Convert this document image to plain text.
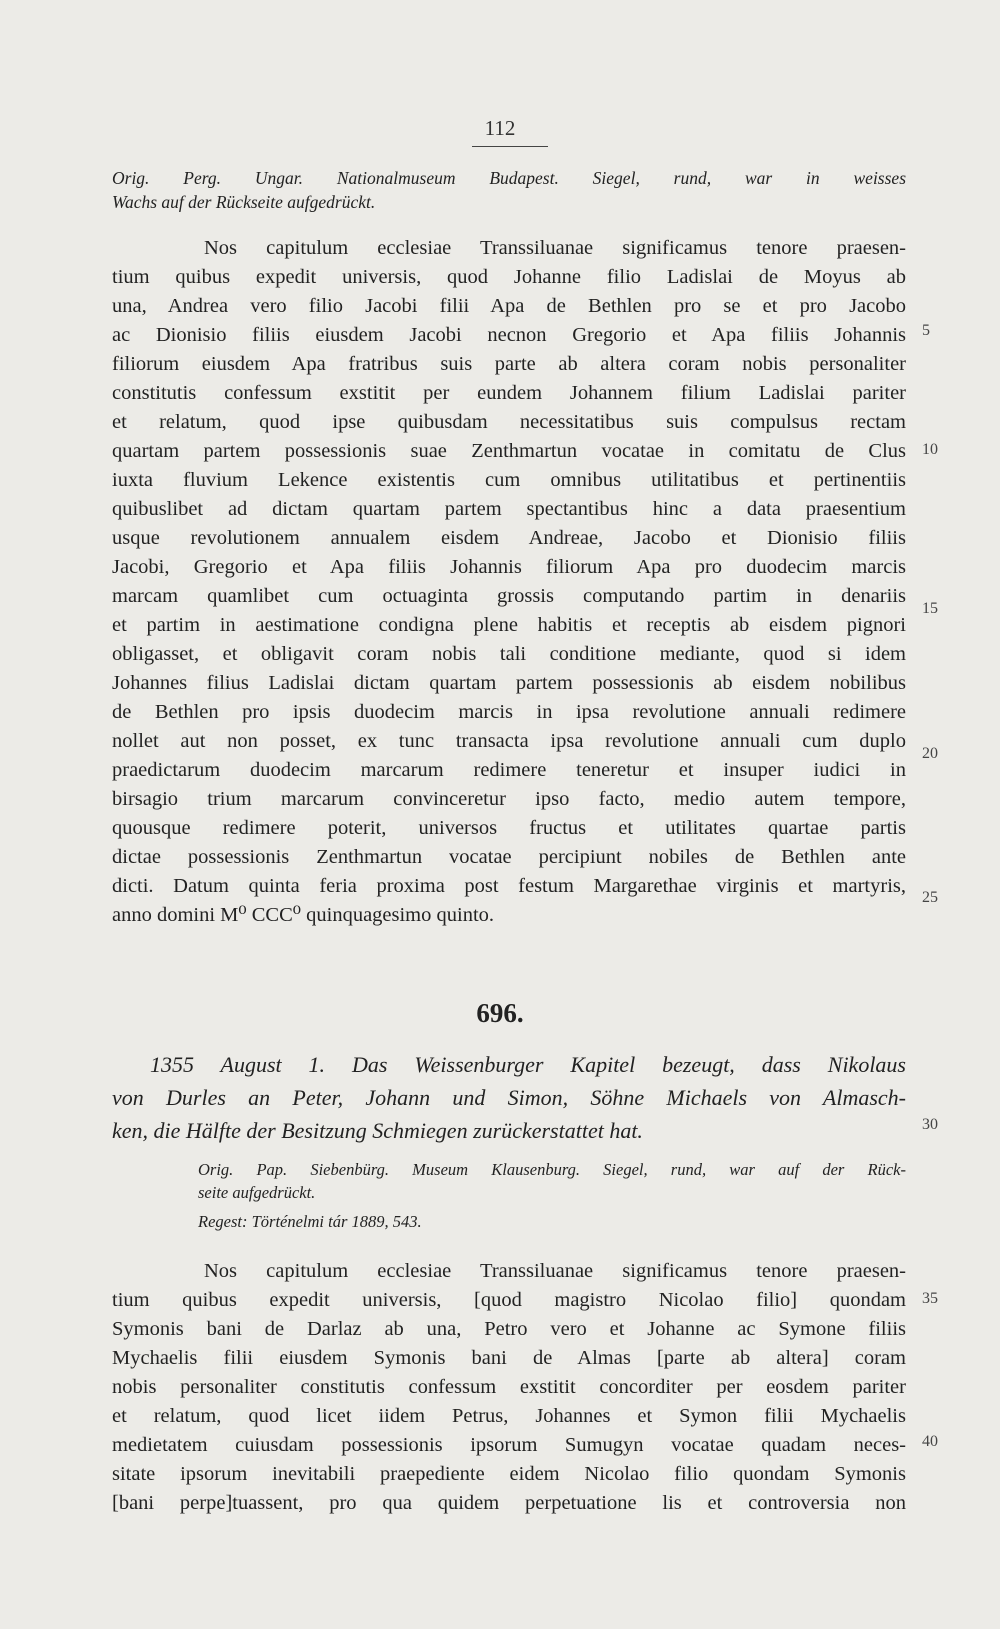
112
Orig. Perg. Ungar. Nationalmuseum Budapest. Siegel, rund, war in weisses
Wachs auf der Rückseite aufgedrückt.
Nos capitulum ecclesiae Transsiluanae significamus tenore praesen-
tium quibus expedit universis, quod Johanne filio Ladislai de Moyus ab
una, Andrea vero filio Jacobi filii Apa de Bethlen pro se et pro Jacobo
ac Dionisio filiis eiusdem Jacobi necnon Gregorio et Apa filiis Johannis
filiorum eiusdem Apa fratribus suis parte ab altera coram nobis personaliter
constitutis confessum exstitit per eundem Johannem filium Ladislai pariter
et relatum, quod ipse quibusdam necessitatibus suis compulsus rectam
quartam partem possessionis suae Zenthmartun vocatae in comitatu de Clus
iuxta fluvium Lekence existentis cum omnibus utilitatibus et pertinentiis
quibuslibet ad dictam quartam partem spectantibus hinc a data praesentium
usque revolutionem annualem eisdem Andreae, Jacobo et Dionisio filiis
Jacobi, Gregorio et Apa filiis Johannis filiorum Apa pro duodecim marcis
marcam quamlibet cum octuaginta grossis computando partim in denariis
et partim in aestimatione condigna plene habitis et receptis ab eisdem pignori
obligasset, et obligavit coram nobis tali conditione mediante, quod si idem
Johannes filius Ladislai dictam quartam partem possessionis ab eisdem nobilibus
de Bethlen pro ipsis duodecim marcis in ipsa revolutione annuali redimere
nollet aut non posset, ex tunc transacta ipsa revolutione annuali cum duplo
praedictarum duodecim marcarum redimere teneretur et insuper iudici in
birsagio trium marcarum convinceretur ipso facto, medio autem tempore,
quousque redimere poterit, universos fructus et utilitates quartae partis
dictae possessionis Zenthmartun vocatae percipiunt nobiles de Bethlen ante
dicti. Datum quinta feria proxima post festum Margarethae virginis et martyris,
anno domini M⁰ CCC⁰ quinquagesimo quinto.
696.
1355 August 1. Das Weissenburger Kapitel bezeugt, dass Nikolaus
von Durles an Peter, Johann und Simon, Söhne Michaels von Almasch-
ken, die Hälfte der Besitzung Schmiegen zurückerstattet hat.
Orig. Pap. Siebenbürg. Museum Klausenburg. Siegel, rund, war auf der Rück-
seite aufgedrückt.
Regest: Történelmi tár 1889, 543.
Nos capitulum ecclesiae Transsiluanae significamus tenore praesen-
tium quibus expedit universis, [quod magistro Nicolao filio] quondam
Symonis bani de Darlaz ab una, Petro vero et Johanne ac Symone filiis
Mychaelis filii eiusdem Symonis bani de Almas [parte ab altera] coram
nobis personaliter constitutis confessum exstitit concorditer per eosdem pariter
et relatum, quod licet iidem Petrus, Johannes et Symon filii Mychaelis
medietatem cuiusdam possessionis ipsorum Sumugyn vocatae quadam neces-
sitate ipsorum inevitabili praepediente eidem Nicolao filio quondam Symonis
[bani perpe]tuassent, pro qua quidem perpetuatione lis et controversia non
5
10
15
20
25
30
35
40
